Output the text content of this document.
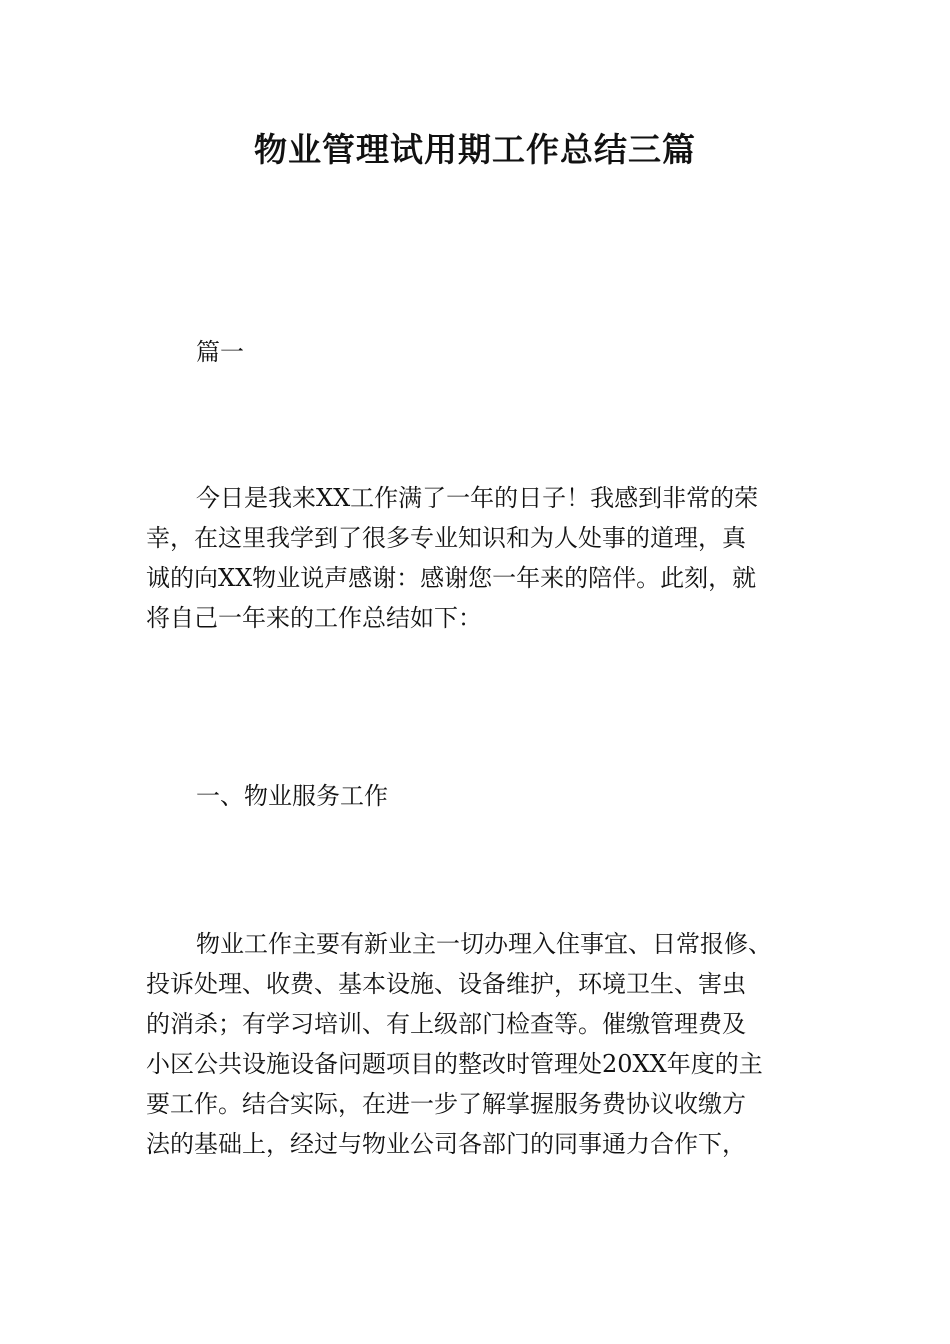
物业管理试用期工作总结三篇

篇一

今日是我来XX工作满了一年的日子！我感到非常的荣
幸，在这里我学到了很多专业知识和为人处事的道理，真
诚的向XX物业说声感谢：感谢您一年来的陪伴。此刻，就
将自己一年来的工作总结如下：

一、物业服务工作

物业工作主要有新业主一切办理入住事宜、日常报修、
投诉处理、收费、基本设施、设备维护，环境卫生、害虫
的消杀；有学习培训、有上级部门检查等。催缴管理费及
小区公共设施设备问题项目的整改时管理处20XX年度的主
要工作。结合实际，在进一步了解掌握服务费协议收缴方
法的基础上，经过与物业公司各部门的同事通力合作下，
